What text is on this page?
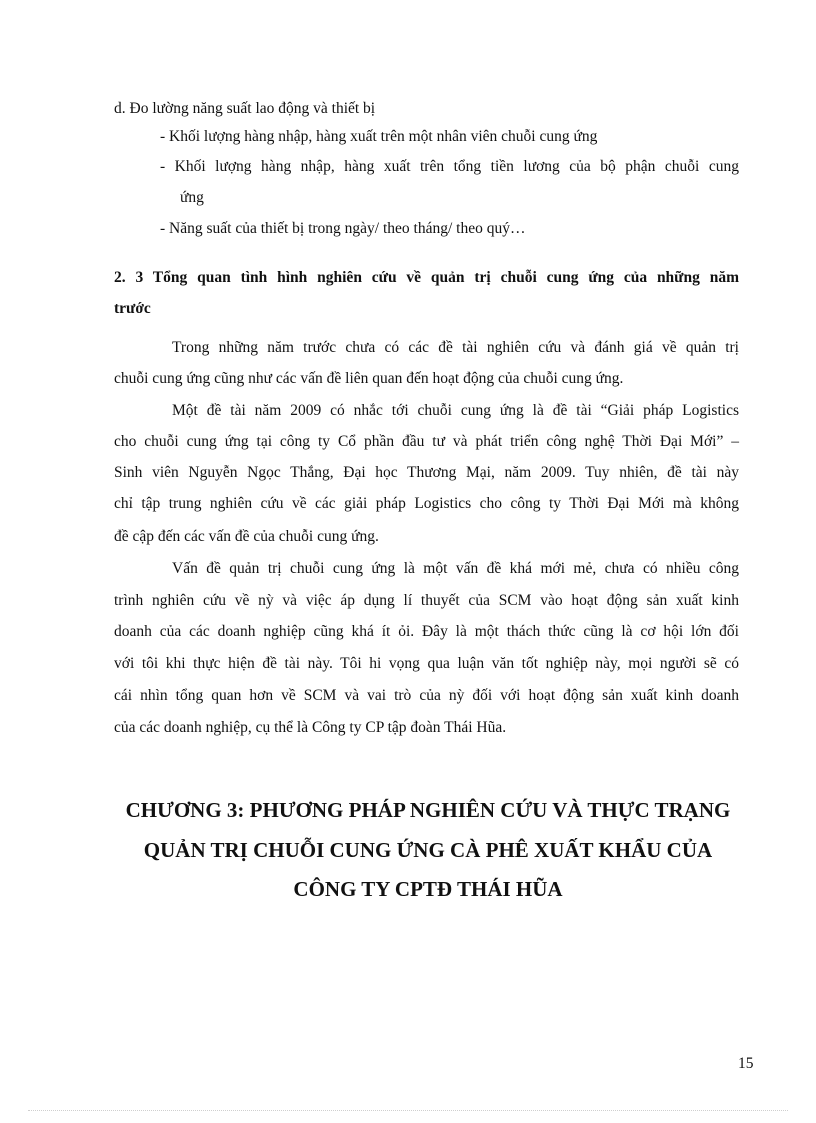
d. Đo lường năng suất lao động và thiết bị
- Khối lượng hàng nhập, hàng xuất trên một nhân viên chuỗi cung ứng
- Khối lượng hàng nhập, hàng xuất trên tổng tiền lương của bộ phận chuỗi cung
ứng
- Năng suất của thiết bị trong ngày/ theo tháng/ theo quý…
2. 3 Tổng quan tình hình nghiên cứu về quản trị chuỗi cung ứng của những năm
trước
Trong những năm trước chưa có các đề tài nghiên cứu và đánh giá về quản trị
chuỗi cung ứng cũng như các vấn đề liên quan đến hoạt động của chuỗi cung ứng.
Một đề tài năm 2009 có nhắc tới chuỗi cung ứng là đề tài “Giải pháp Logistics
cho chuỗi cung ứng tại công ty Cổ phần đầu tư và phát triển công nghệ Thời Đại Mới” –
Sinh viên Nguyễn Ngọc Thắng, Đại học Thương Mại, năm 2009. Tuy nhiên, đề tài này
chỉ tập trung nghiên cứu về các giải pháp Logistics cho công ty Thời Đại Mới mà không
đề cập đến các vấn đề của chuỗi cung ứng.
Vấn đề quản trị chuỗi cung ứng là một vấn đề khá mới mẻ, chưa có nhiều công
trình nghiên cứu về nỳ và việc áp dụng lí thuyết của SCM vào hoạt động sản xuất kinh
doanh của các doanh nghiệp cũng khá ít ỏi. Đây là một thách thức cũng là cơ hội lớn đối
với tôi khi thực hiện đề tài này. Tôi hi vọng qua luận văn tốt nghiệp này, mọi người sẽ có
cái nhìn tổng quan hơn về SCM và vai trò của nỳ đối với hoạt động sản xuất kinh doanh
của các doanh nghiệp, cụ thể là Công ty CP tập đoàn Thái Hũa.
CHƯƠNG 3: PHƯƠNG PHÁP NGHIÊN CỨU VÀ THỰC TRẠNG
QUẢN TRỊ CHUỖI CUNG ỨNG CÀ PHÊ XUẤT KHẨU CỦA
CÔNG TY CPTĐ THÁI HŨA
15
